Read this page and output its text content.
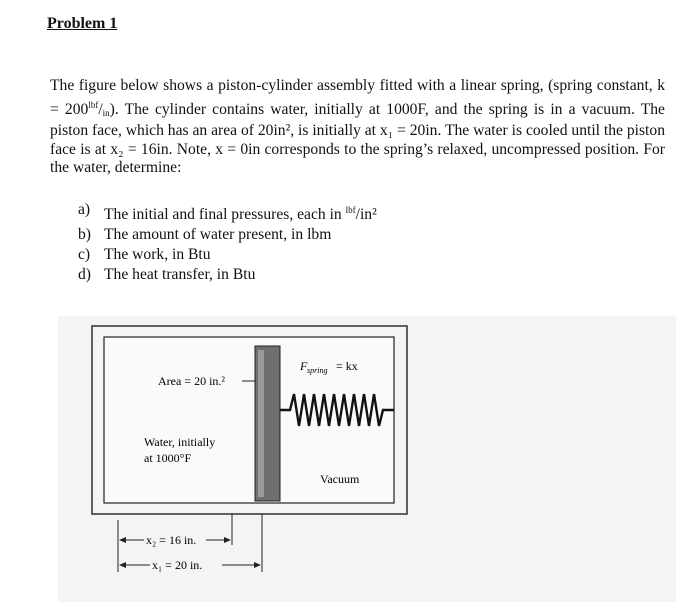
Problem 1
The figure below shows a piston-cylinder assembly fitted with a linear spring, (spring constant, $k = 200^{lbf}/_{in}$). The cylinder contains water, initially at 1000F, and the spring is in a vacuum. The piston face, which has an area of 20in², is initially at x₁ = 20in. The water is cooled until the piston face is at x₂ = 16in. Note, x = 0in corresponds to the spring’s relaxed, uncompressed position. For the water, determine:
a) The initial and final pressures, each in $^{lbf}$/in²
b) The amount of water present, in lbm
c) The work, in Btu
d) The heat transfer, in Btu
Area = 20 in.²
Water, initially
at 1000°F
F spring = kx
Vacuum
x₂ = 16 in.
x₁ = 20 in.
